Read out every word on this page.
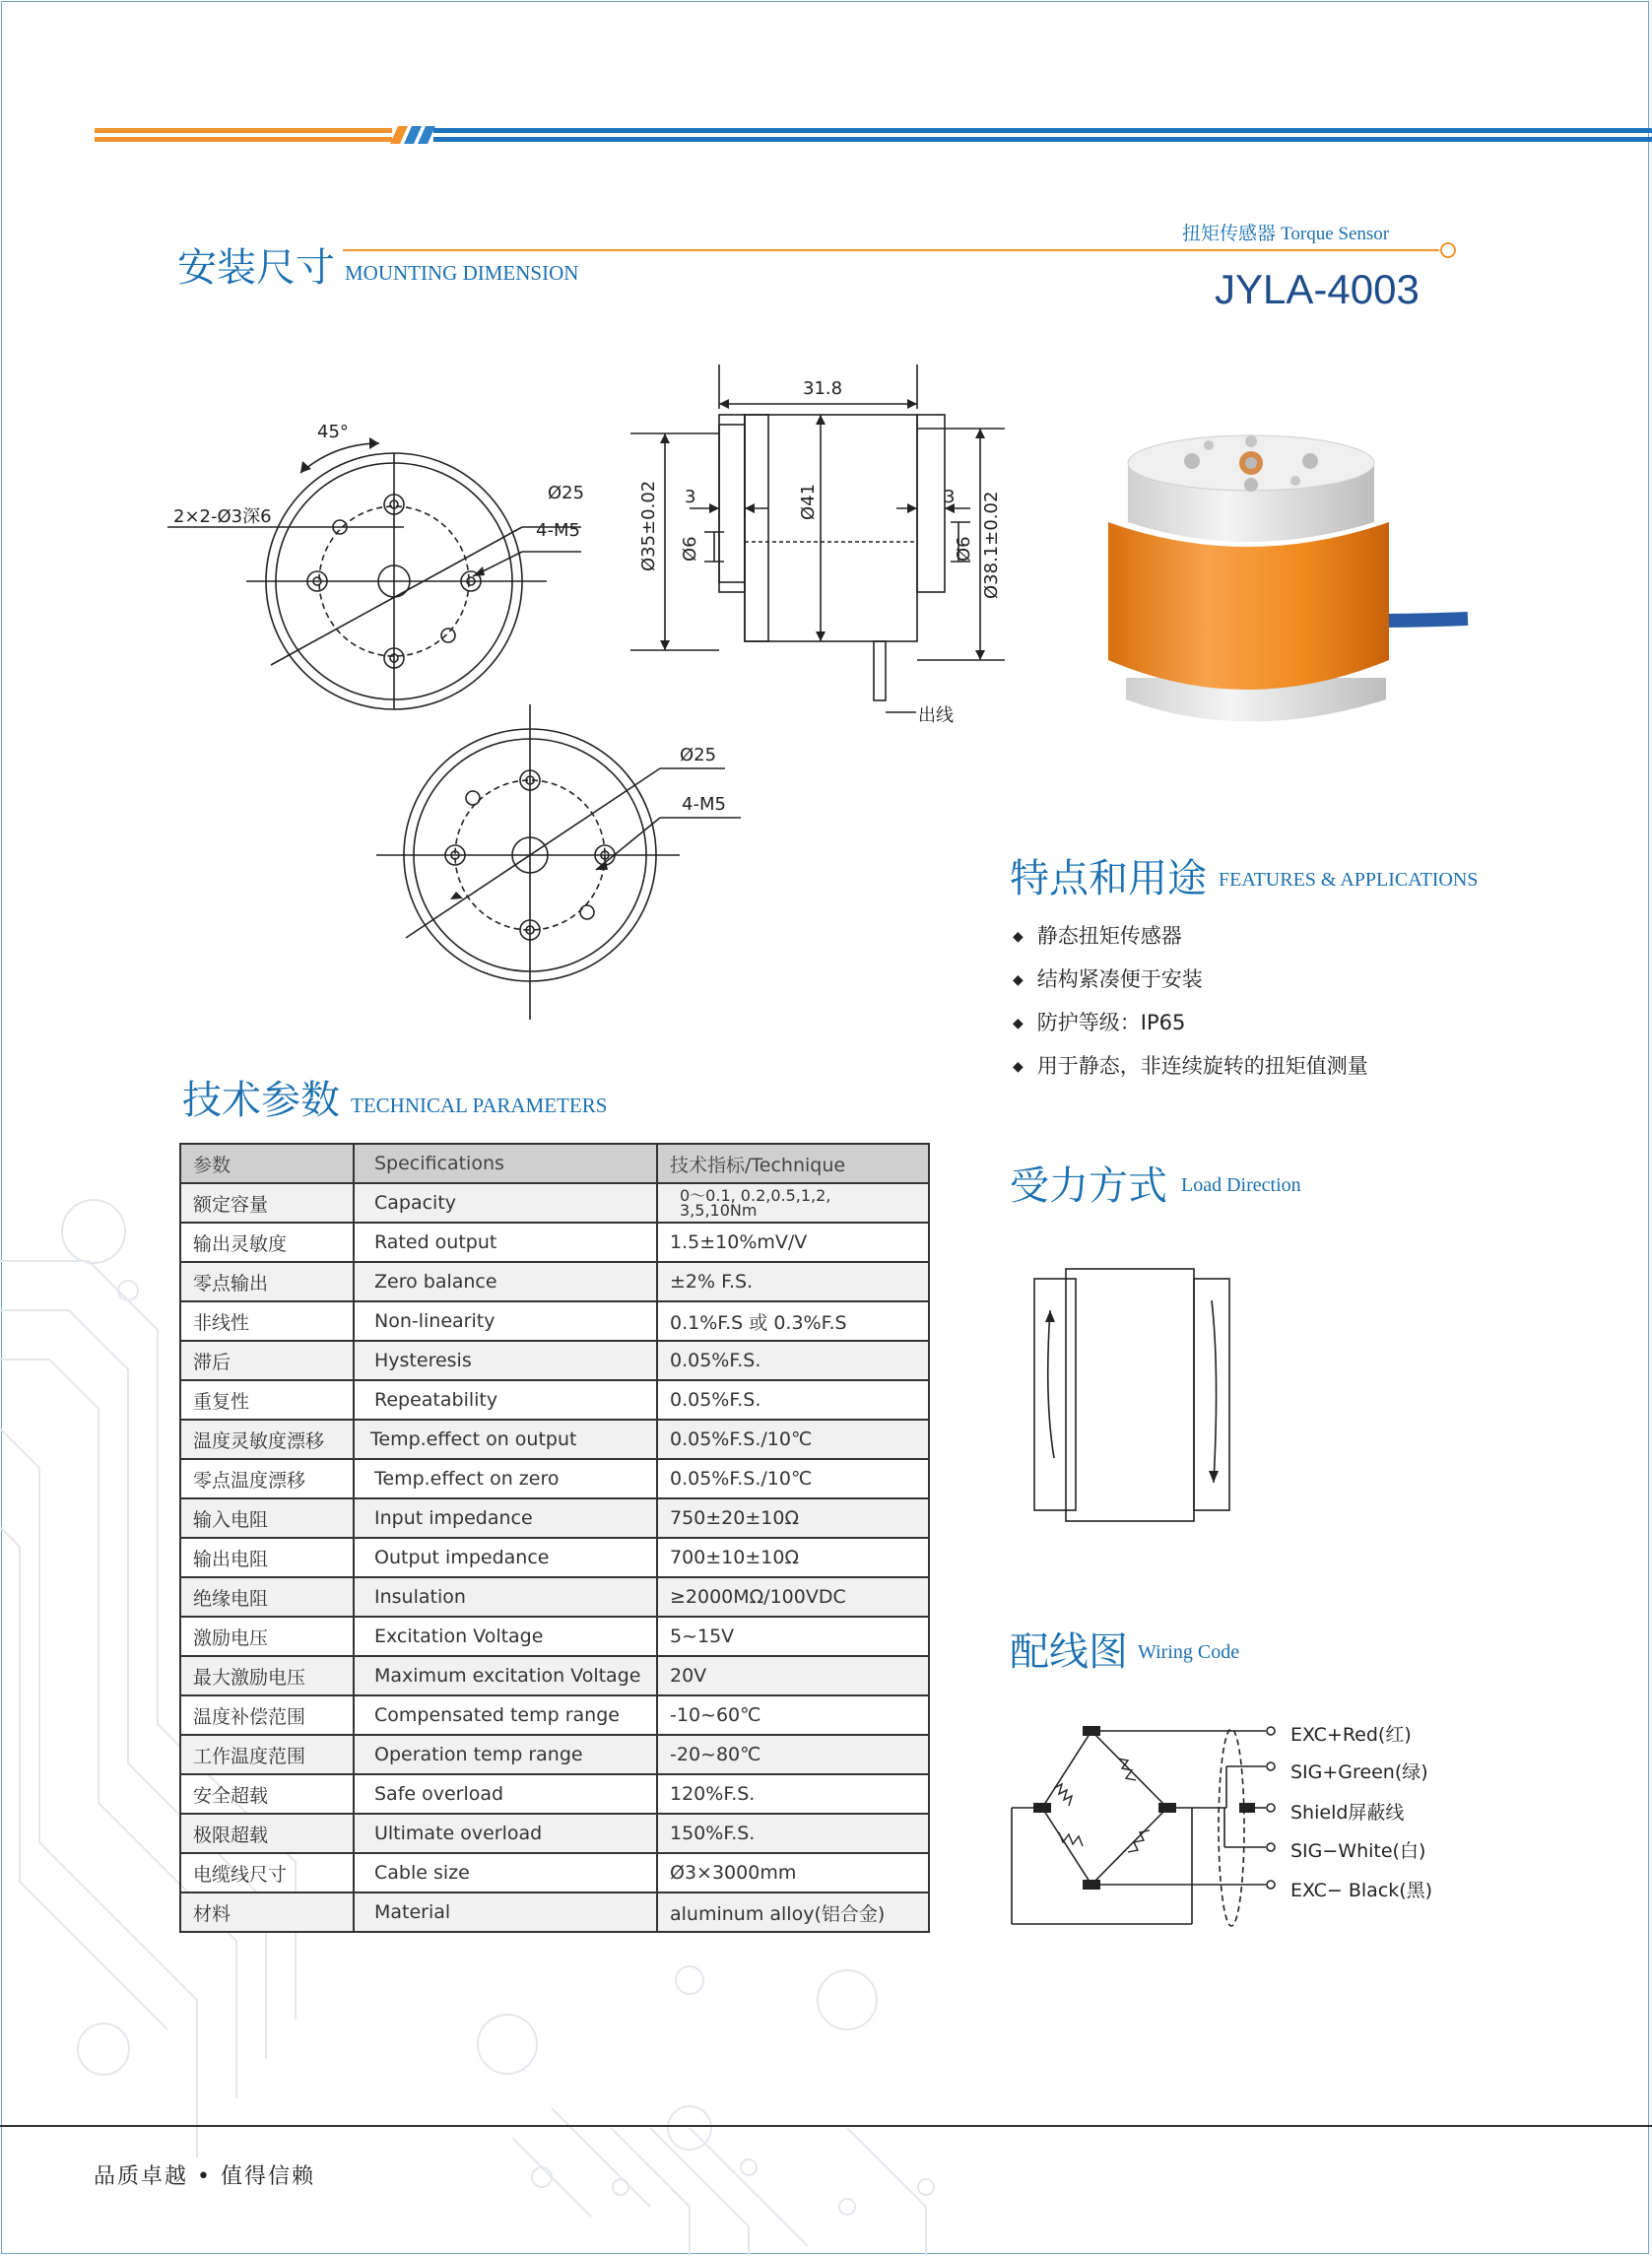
安装尺寸 MOUNTING DIMENSION
扭矩传感器 Torque Sensor
JYLA-4003
45°
2×2-Ø3深6
Ø25
4-M5
31.8
Ø35±0.02 3
Ø6
Ø41	3
Ø6 Ø38.1±0.02
出线
Ø25
4-M5
特点和用途 FEATURES & APPLICATIONS
◆ 静态扭矩传感器
◆ 结构紧凑便于安装
◆ 防护等级：IP65
◆ 用于静态，非连续旋转的扭矩值测量
受力方式 Load Direction
配线图 Wiring Code
EXC+Red(红)
SIG+Green(绿)
Shield屏蔽线
SIG−White(白)
EXC− Black(黑)
技术参数 TECHNICAL PARAMETERS
参数	Specifications	技术指标/Technique
额定容量	Capacity	0～0.1, 0.2,0.5,1,2,
3,5,10Nm
输出灵敏度	Rated output	1.5±10%mV/V
零点输出	Zero balance	±2% F.S.
非线性	Non-linearity	0.1%F.S 或 0.3%F.S
滞后	Hysteresis	0.05%F.S.
重复性	Repeatability	0.05%F.S.
温度灵敏度漂移	Temp.effect on output	0.05%F.S./10℃
零点温度漂移	Temp.effect on zero	0.05%F.S./10℃
输入电阻	Input impedance	750±20±10Ω
输出电阻	Output impedance	700±10±10Ω
绝缘电阻	Insulation	≥2000MΩ/100VDC
激励电压	Excitation Voltage	5~15V
最大激励电压	Maximum excitation Voltage	20V
温度补偿范围	Compensated temp range	-10~60℃
工作温度范围	Operation temp range	-20~80℃
安全超载	Safe overload	120%F.S.
极限超载	Ultimate overload	150%F.S.
电缆线尺寸	Cable size	Ø3×3000mm
材料	Material	aluminum alloy(铝合金)
品质卓越 • 值得信赖
